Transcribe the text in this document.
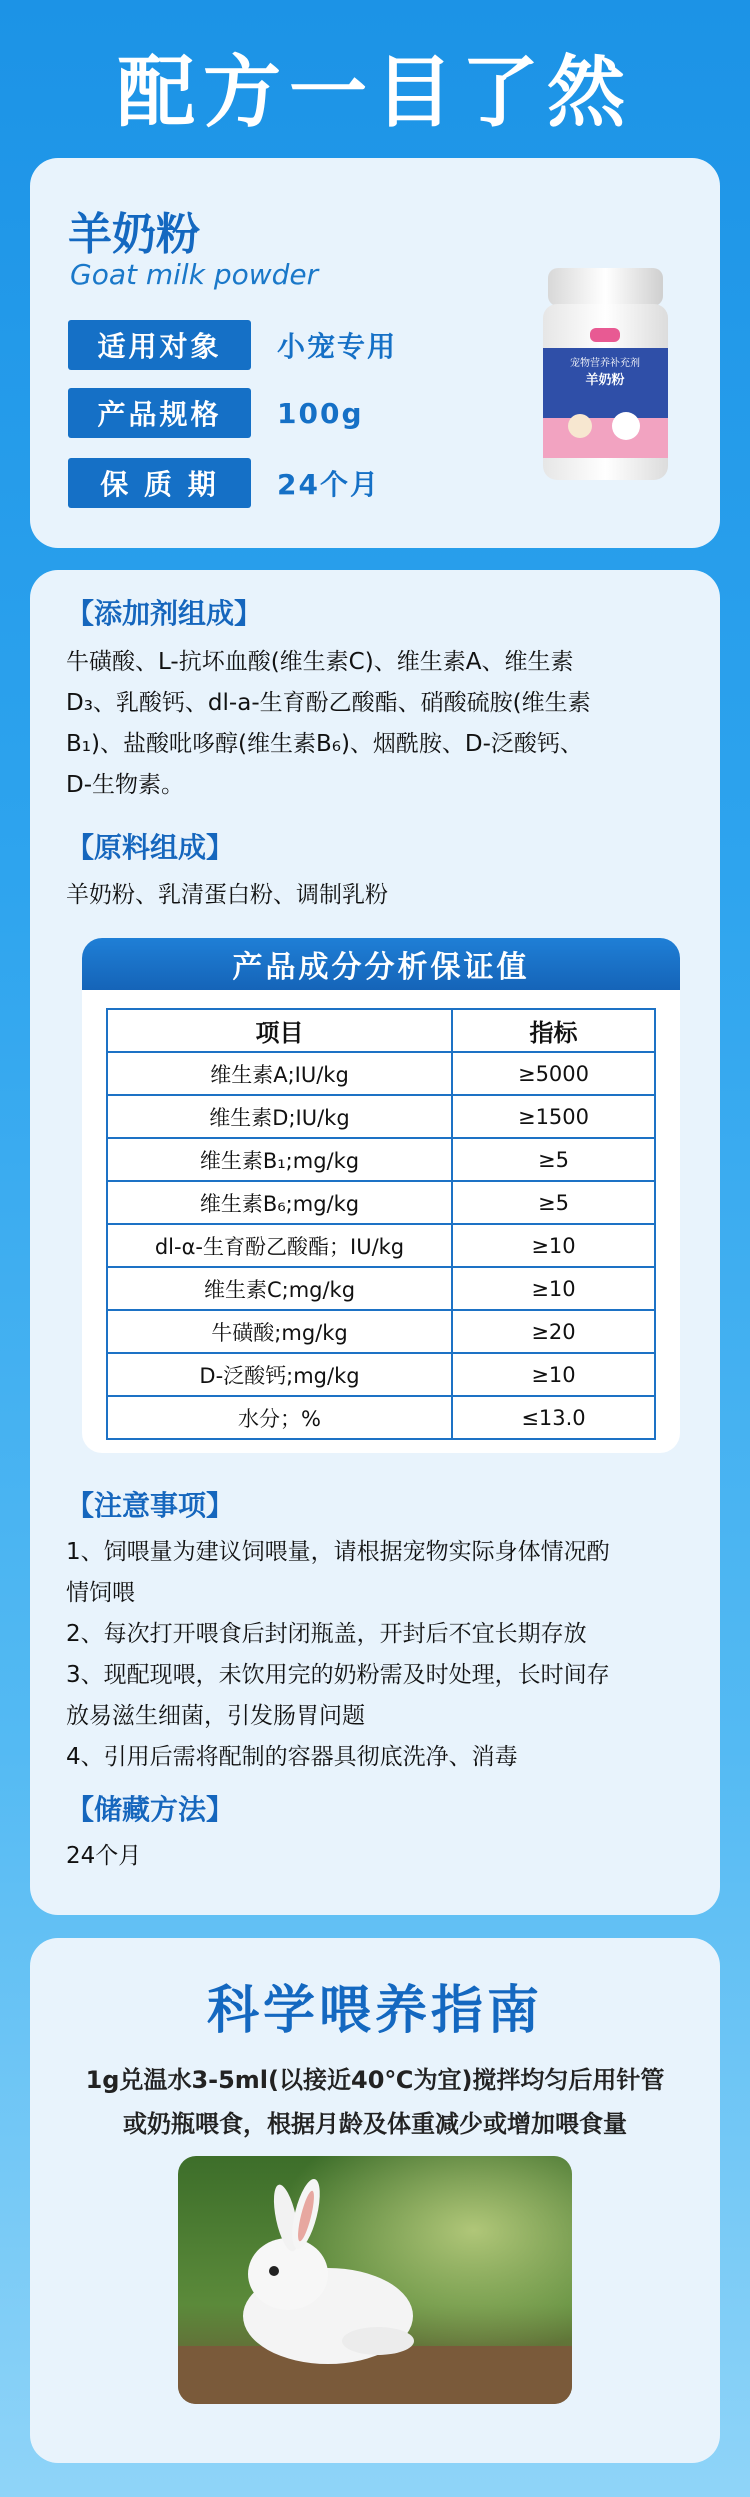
配方一目了然
羊奶粉
Goat milk powder
适用对象	小宠专用
产品规格	100g
保 质 期	24个月
宠物营养补充剂
羊奶粉
【添加剂组成】
牛磺酸、L-抗坏血酸(维生素C)、维生素A、维生素
D₃、乳酸钙、dl-a-生育酚乙酸酯、硝酸硫胺(维生素
B₁)、盐酸吡哆醇(维生素B₆)、烟酰胺、D-泛酸钙、
D-生物素。
【原料组成】
羊奶粉、乳清蛋白粉、调制乳粉
产品成分分析保证值
项目	指标
维生素A;IU/kg	≥5000
维生素D;IU/kg	≥1500
维生素B₁;mg/kg	≥5
维生素B₆;mg/kg	≥5
dl-α-生育酚乙酸酯；IU/kg	≥10
维生素C;mg/kg	≥10
牛磺酸;mg/kg	≥20
D-泛酸钙;mg/kg	≥10
水分；%	≤13.0
【注意事项】
1、饲喂量为建议饲喂量，请根据宠物实际身体情况酌
情饲喂
2、每次打开喂食后封闭瓶盖，开封后不宜长期存放
3、现配现喂，未饮用完的奶粉需及时处理，长时间存
放易滋生细菌，引发肠胃问题
4、引用后需将配制的容器具彻底洗净、消毒
【储藏方法】
24个月
科学喂养指南
1g兑温水3-5ml(以接近40℃为宜)搅拌均匀后用针管
或奶瓶喂食，根据月龄及体重减少或增加喂食量
